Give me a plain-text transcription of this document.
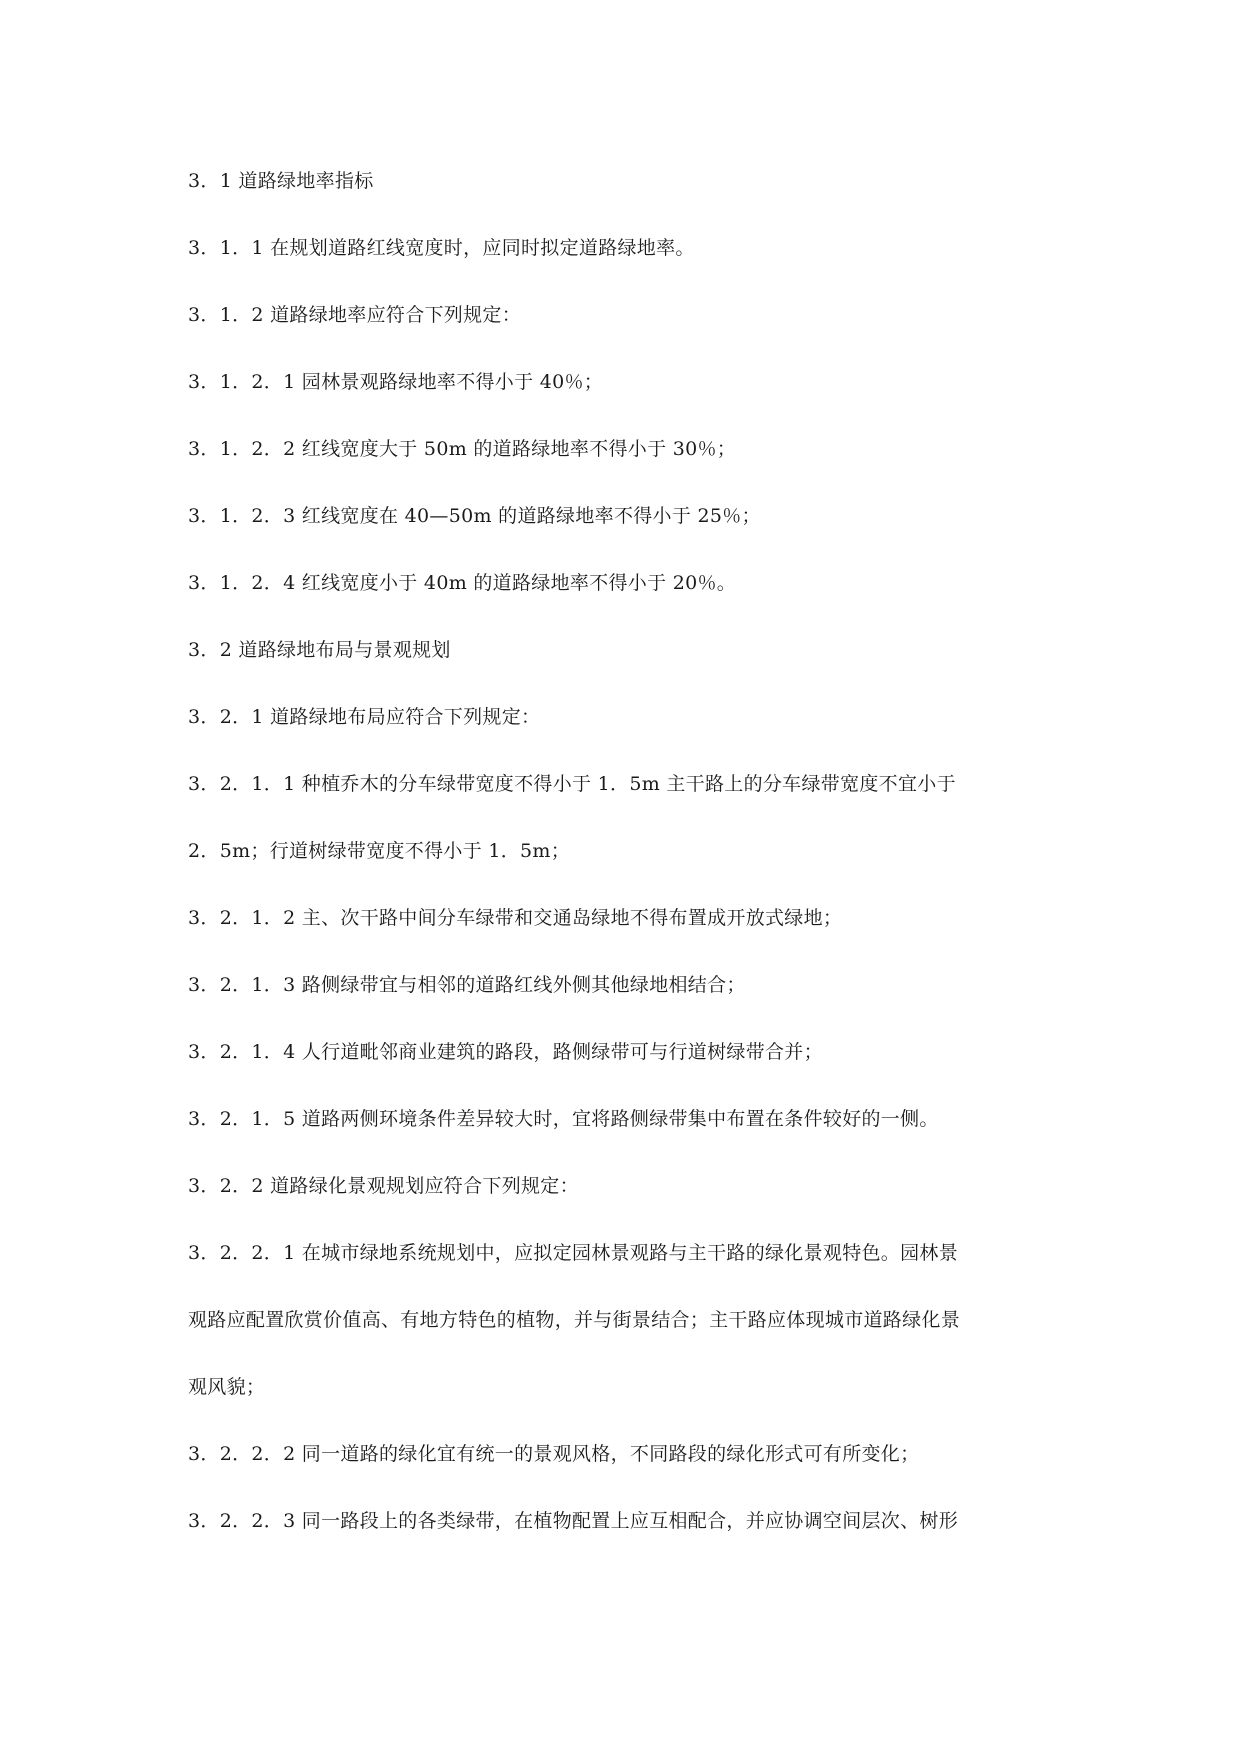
3．1 道路绿地率指标
3．1．1 在规划道路红线宽度时，应同时拟定道路绿地率。
3．1．2 道路绿地率应符合下列规定：
3．1．2．1 园林景观路绿地率不得小于 40％；
3．1．2．2 红线宽度大于 50m 的道路绿地率不得小于 30％；
3．1．2．3 红线宽度在 40—50m 的道路绿地率不得小于 25％；
3．1．2．4 红线宽度小于 40m 的道路绿地率不得小于 20％。
3．2 道路绿地布局与景观规划
3．2．1 道路绿地布局应符合下列规定：
3．2．1．1 种植乔木的分车绿带宽度不得小于 1．5m 主干路上的分车绿带宽度不宜小于
2．5m；行道树绿带宽度不得小于 1．5m；
3．2．1．2 主、次干路中间分车绿带和交通岛绿地不得布置成开放式绿地；
3．2．1．3 路侧绿带宜与相邻的道路红线外侧其他绿地相结合；
3．2．1．4 人行道毗邻商业建筑的路段，路侧绿带可与行道树绿带合并；
3．2．1．5 道路两侧环境条件差异较大时，宜将路侧绿带集中布置在条件较好的一侧。
3．2．2 道路绿化景观规划应符合下列规定：
3．2．2．1 在城市绿地系统规划中，应拟定园林景观路与主干路的绿化景观特色。园林景
观路应配置欣赏价值高、有地方特色的植物，并与街景结合；主干路应体现城市道路绿化景
观风貌；
3．2．2．2 同一道路的绿化宜有统一的景观风格，不同路段的绿化形式可有所变化；
3．2．2．3 同一路段上的各类绿带，在植物配置上应互相配合，并应协调空间层次、树形
